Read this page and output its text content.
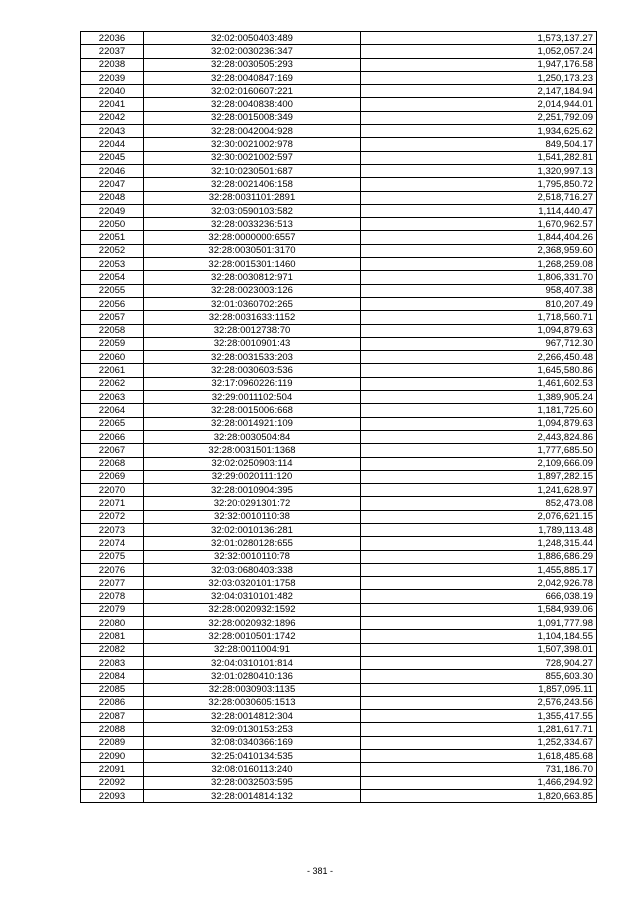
22036	32:02:0050403:489	1,573,137.27
22037	32:02:0030236:347	1,052,057.24
22038	32:28:0030505:293	1,947,176.58
22039	32:28:0040847:169	1,250,173.23
22040	32:02:0160607:221	2,147,184.94
22041	32:28:0040838:400	2,014,944.01
22042	32:28:0015008:349	2,251,792.09
22043	32:28:0042004:928	1,934,625.62
22044	32:30:0021002:978	849,504.17
22045	32:30:0021002:597	1,541,282.81
22046	32:10:0230501:687	1,320,997.13
22047	32:28:0021406:158	1,795,850.72
22048	32:28:0031101:2891	2,518,716.27
22049	32:03:0590103:582	1,114,440.47
22050	32:28:0033236:513	1,670,962.57
22051	32:28:0000000:6557	1,844,404.26
22052	32:28:0030501:3170	2,368,959.60
22053	32:28:0015301:1460	1,268,259.08
22054	32:28:0030812:971	1,806,331.70
22055	32:28:0023003:126	958,407.38
22056	32:01:0360702:265	810,207.49
22057	32:28:0031633:1152	1,718,560.71
22058	32:28:0012738:70	1,094,879.63
22059	32:28:0010901:43	967,712.30
22060	32:28:0031533:203	2,266,450.48
22061	32:28:0030603:536	1,645,580.86
22062	32:17:0960226:119	1,461,602.53
22063	32:29:0011102:504	1,389,905.24
22064	32:28:0015006:668	1,181,725.60
22065	32:28:0014921:109	1,094,879.63
22066	32:28:0030504:84	2,443,824.86
22067	32:28:0031501:1368	1,777,685.50
22068	32:02:0250903:114	2,109,666.09
22069	32:29:0020111:120	1,897,282.15
22070	32:28:0010904:395	1,241,628.97
22071	32:20:0291301:72	852,473.08
22072	32:32:0010110:38	2,076,621.15
22073	32:02:0010136:281	1,789,113.48
22074	32:01:0280128:655	1,248,315.44
22075	32:32:0010110:78	1,886,686.29
22076	32:03:0680403:338	1,455,885.17
22077	32:03:0320101:1758	2,042,926.78
22078	32:04:0310101:482	666,038.19
22079	32:28:0020932:1592	1,584,939.06
22080	32:28:0020932:1896	1,091,777.98
22081	32:28:0010501:1742	1,104,184.55
22082	32:28:0011004:91	1,507,398.01
22083	32:04:0310101:814	728,904.27
22084	32:01:0280410:136	855,603.30
22085	32:28:0030903:1135	1,857,095.11
22086	32:28:0030605:1513	2,576,243.56
22087	32:28:0014812:304	1,355,417.55
22088	32:09:0130153:253	1,281,617.71
22089	32:08:0340366:169	1,252,334.67
22090	32:25:0410134:535	1,618,485.68
22091	32:08:0160113:240	731,186.70
22092	32:28:0032503:595	1,466,294.92
22093	32:28:0014814:132	1,820,663.85
- 381 -
